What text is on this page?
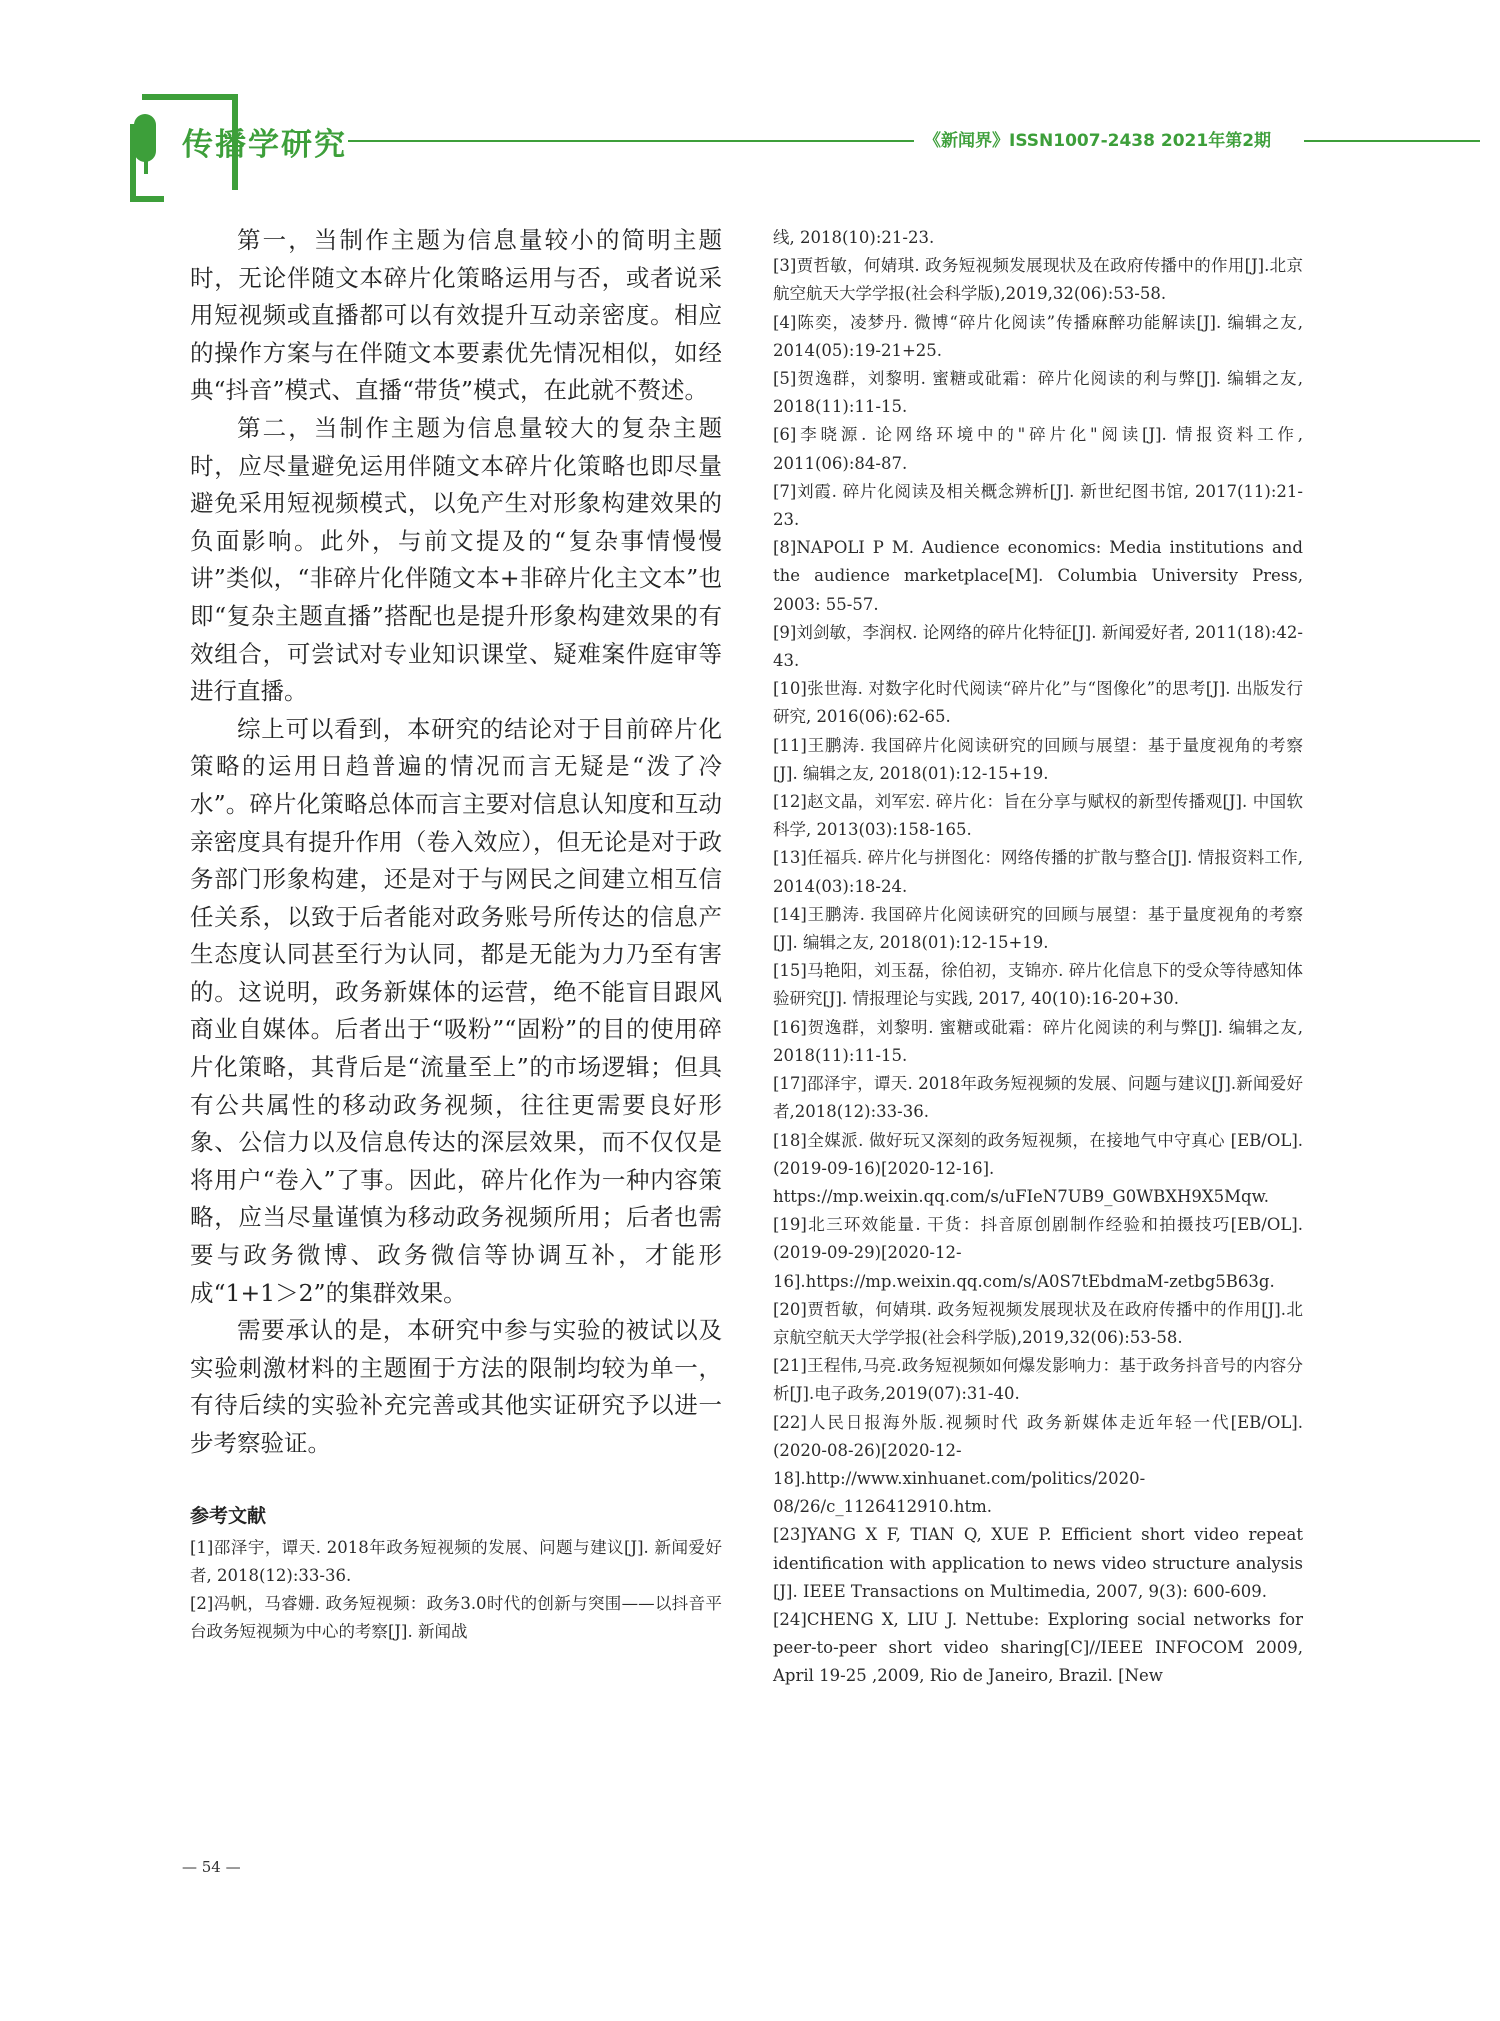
传播学研究	《新闻界》ISSN1007-2438 2021年第2期

第一，当制作主题为信息量较小的简明主题时，无论伴随文本碎片化策略运用与否，或者说采用短视频或直播都可以有效提升互动亲密度。相应的操作方案与在伴随文本要素优先情况相似，如经典“抖音”模式、直播“带货”模式，在此就不赘述。

第二，当制作主题为信息量较大的复杂主题时，应尽量避免运用伴随文本碎片化策略也即尽量避免采用短视频模式，以免产生对形象构建效果的负面影响。此外，与前文提及的“复杂事情慢慢讲”类似，“非碎片化伴随文本+非碎片化主文本”也即“复杂主题直播”搭配也是提升形象构建效果的有效组合，可尝试对专业知识课堂、疑难案件庭审等进行直播。

综上可以看到，本研究的结论对于目前碎片化策略的运用日趋普遍的情况而言无疑是“泼了冷水”。碎片化策略总体而言主要对信息认知度和互动亲密度具有提升作用（卷入效应），但无论是对于政务部门形象构建，还是对于与网民之间建立相互信任关系，以致于后者能对政务账号所传达的信息产生态度认同甚至行为认同，都是无能为力乃至有害的。这说明，政务新媒体的运营，绝不能盲目跟风商业自媒体。后者出于“吸粉”“固粉”的目的使用碎片化策略，其背后是“流量至上”的市场逻辑；但具有公共属性的移动政务视频，往往更需要良好形象、公信力以及信息传达的深层效果，而不仅仅是将用户“卷入”了事。因此，碎片化作为一种内容策略，应当尽量谨慎为移动政务视频所用；后者也需要与政务微博、政务微信等协调互补，才能形成“1+1＞2”的集群效果。

需要承认的是，本研究中参与实验的被试以及实验刺激材料的主题囿于方法的限制均较为单一，有待后续的实验补充完善或其他实证研究予以进一步考察验证。

参考文献

[1]邵泽宇，谭天. 2018年政务短视频的发展、问题与建议[J]. 新闻爱好者, 2018(12):33-36.

[2]冯帆，马睿姗. 政务短视频：政务3.0时代的创新与突围——以抖音平台政务短视频为中心的考察[J]. 新闻战

线, 2018(10):21-23.

[3]贾哲敏，何婧琪. 政务短视频发展现状及在政府传播中的作用[J].北京航空航天大学学报(社会科学版),2019,32(06):53-58.

[4]陈奕，凌梦丹. 微博“碎片化阅读”传播麻醉功能解读[J]. 编辑之友, 2014(05):19-21+25.

[5]贺逸群，刘黎明. 蜜糖或砒霜：碎片化阅读的利与弊[J]. 编辑之友, 2018(11):11-15.

[6]李晓源. 论网络环境中的"碎片化"阅读[J]. 情报资料工作, 2011(06):84-87.

[7]刘霞. 碎片化阅读及相关概念辨析[J]. 新世纪图书馆, 2017(11):21-23.

[8]NAPOLI P M. Audience economics: Media institutions and the audience marketplace[M]. Columbia University Press, 2003: 55-57.

[9]刘剑敏，李润权. 论网络的碎片化特征[J]. 新闻爱好者, 2011(18):42-43.

[10]张世海. 对数字化时代阅读“碎片化”与“图像化”的思考[J]. 出版发行研究, 2016(06):62-65.

[11]王鹏涛. 我国碎片化阅读研究的回顾与展望：基于量度视角的考察[J]. 编辑之友, 2018(01):12-15+19.

[12]赵文晶，刘军宏. 碎片化：旨在分享与赋权的新型传播观[J]. 中国软科学, 2013(03):158-165.

[13]任福兵. 碎片化与拼图化：网络传播的扩散与整合[J]. 情报资料工作, 2014(03):18-24.

[14]王鹏涛. 我国碎片化阅读研究的回顾与展望：基于量度视角的考察[J]. 编辑之友, 2018(01):12-15+19.

[15]马艳阳，刘玉磊，徐伯初，支锦亦. 碎片化信息下的受众等待感知体验研究[J]. 情报理论与实践, 2017, 40(10):16-20+30.

[16]贺逸群，刘黎明. 蜜糖或砒霜：碎片化阅读的利与弊[J]. 编辑之友, 2018(11):11-15.

[17]邵泽宇，谭天. 2018年政务短视频的发展、问题与建议[J].新闻爱好者,2018(12):33-36.

[18]全媒派. 做好玩又深刻的政务短视频，在接地气中守真心 [EB/OL]. (2019-09-16)[2020-12-16]. https://mp.weixin.qq.com/s/uFIeN7UB9_G0WBXH9X5Mqw.

[19]北三环效能量. 干货：抖音原创剧制作经验和拍摄技巧[EB/OL]. (2019-09-29)[2020-12-16].https://mp.weixin.qq.com/s/A0S7tEbdmaM-zetbg5B63g.

[20]贾哲敏，何婧琪. 政务短视频发展现状及在政府传播中的作用[J].北京航空航天大学学报(社会科学版),2019,32(06):53-58.

[21]王程伟,马亮.政务短视频如何爆发影响力：基于政务抖音号的内容分析[J].电子政务,2019(07):31-40.

[22]人民日报海外版.视频时代 政务新媒体走近年轻一代[EB/OL]. (2020-08-26)[2020-12-18].http://www.xinhuanet.com/politics/2020-08/26/c_1126412910.htm.

[23]YANG X F, TIAN Q, XUE P. Efficient short video repeat identification with application to news video structure analysis [J]. IEEE Transactions on Multimedia, 2007, 9(3): 600-609.

[24]CHENG X, LIU J. Nettube: Exploring social networks for peer-to-peer short video sharing[C]//IEEE INFOCOM 2009, April 19-25 ,2009, Rio de Janeiro, Brazil. [New

— 54 —
